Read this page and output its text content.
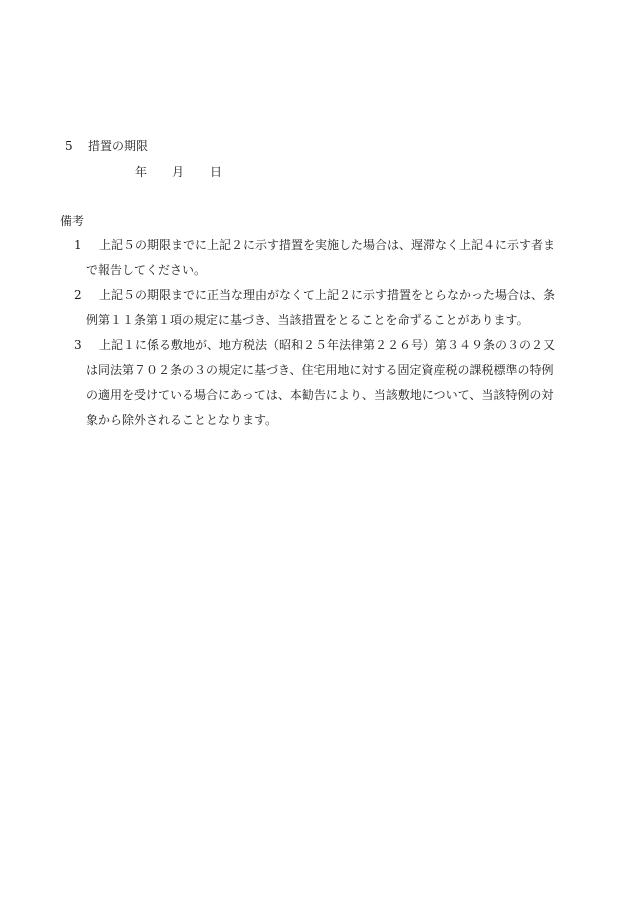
5 措置の期限
年 月 日
備考
1 上記５の期限までに上記２に示す措置を実施した場合は、遅滞なく上記４に示す者ま
で報告してください。
2 上記５の期限までに正当な理由がなくて上記２に示す措置をとらなかった場合は、条
例第１１条第１項の規定に基づき、当該措置をとることを命ずることがあります。
3 上記１に係る敷地が、地方税法（昭和２５年法律第２２６号）第３４９条の３の２又
は同法第７０２条の３の規定に基づき、住宅用地に対する固定資産税の課税標準の特例
の適用を受けている場合にあっては、本勧告により、当該敷地について、当該特例の対
象から除外されることとなります。
